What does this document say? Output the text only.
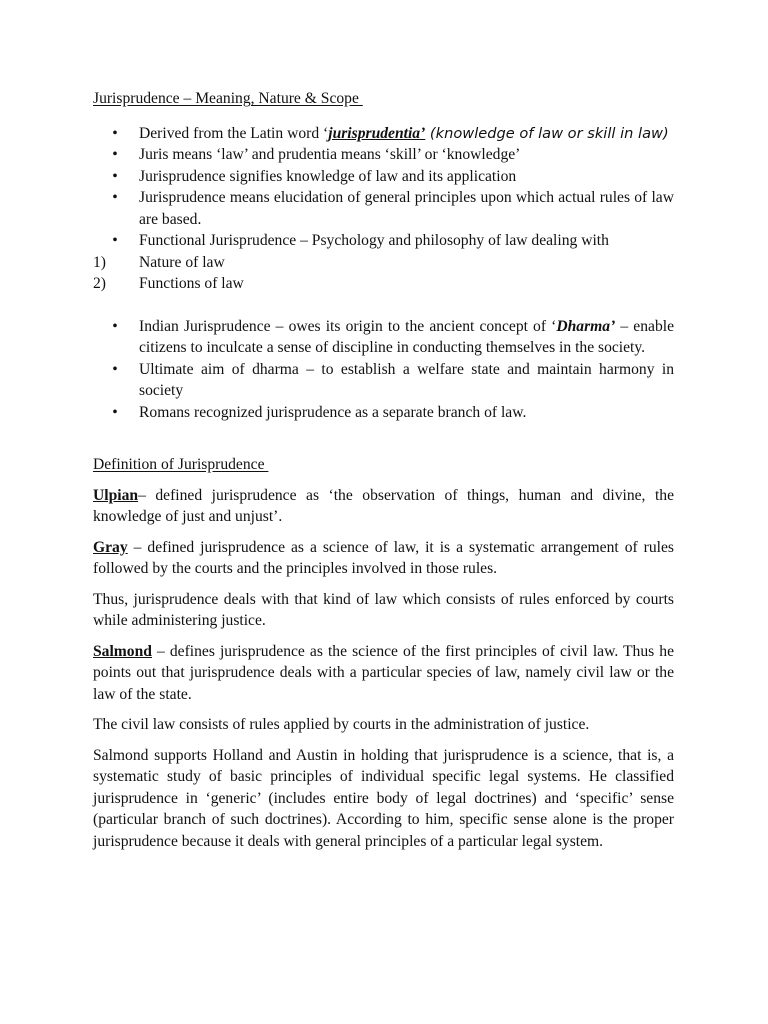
Jurisprudence – Meaning, Nature & Scope
• Derived from the Latin word ‘jurisprudentia’ (knowledge of law or skill in law)
• Juris means ‘law’ and prudentia means ‘skill’ or ‘knowledge’
• Jurisprudence signifies knowledge of law and its application
• Jurisprudence means elucidation of general principles upon which actual rules of law are based.
• Functional Jurisprudence – Psychology and philosophy of law dealing with
1) Nature of law
2) Functions of law
• Indian Jurisprudence – owes its origin to the ancient concept of ‘Dharma’ – enable citizens to inculcate a sense of discipline in conducting themselves in the society.
• Ultimate aim of dharma – to establish a welfare state and maintain harmony in society
• Romans recognized jurisprudence as a separate branch of law.
Definition of Jurisprudence

Ulpian– defined jurisprudence as ‘the observation of things, human and divine, the knowledge of just and unjust’.

Gray – defined jurisprudence as a science of law, it is a systematic arrangement of rules followed by the courts and the principles involved in those rules.

Thus, jurisprudence deals with that kind of law which consists of rules enforced by courts while administering justice.

Salmond – defines jurisprudence as the science of the first principles of civil law. Thus he points out that jurisprudence deals with a particular species of law, namely civil law or the law of the state.

The civil law consists of rules applied by courts in the administration of justice.

Salmond supports Holland and Austin in holding that jurisprudence is a science, that is, a systematic study of basic principles of individual specific legal systems. He classified jurisprudence in ‘generic’ (includes entire body of legal doctrines) and ‘specific’ sense (particular branch of such doctrines). According to him, specific sense alone is the proper jurisprudence because it deals with general principles of a particular legal system.
